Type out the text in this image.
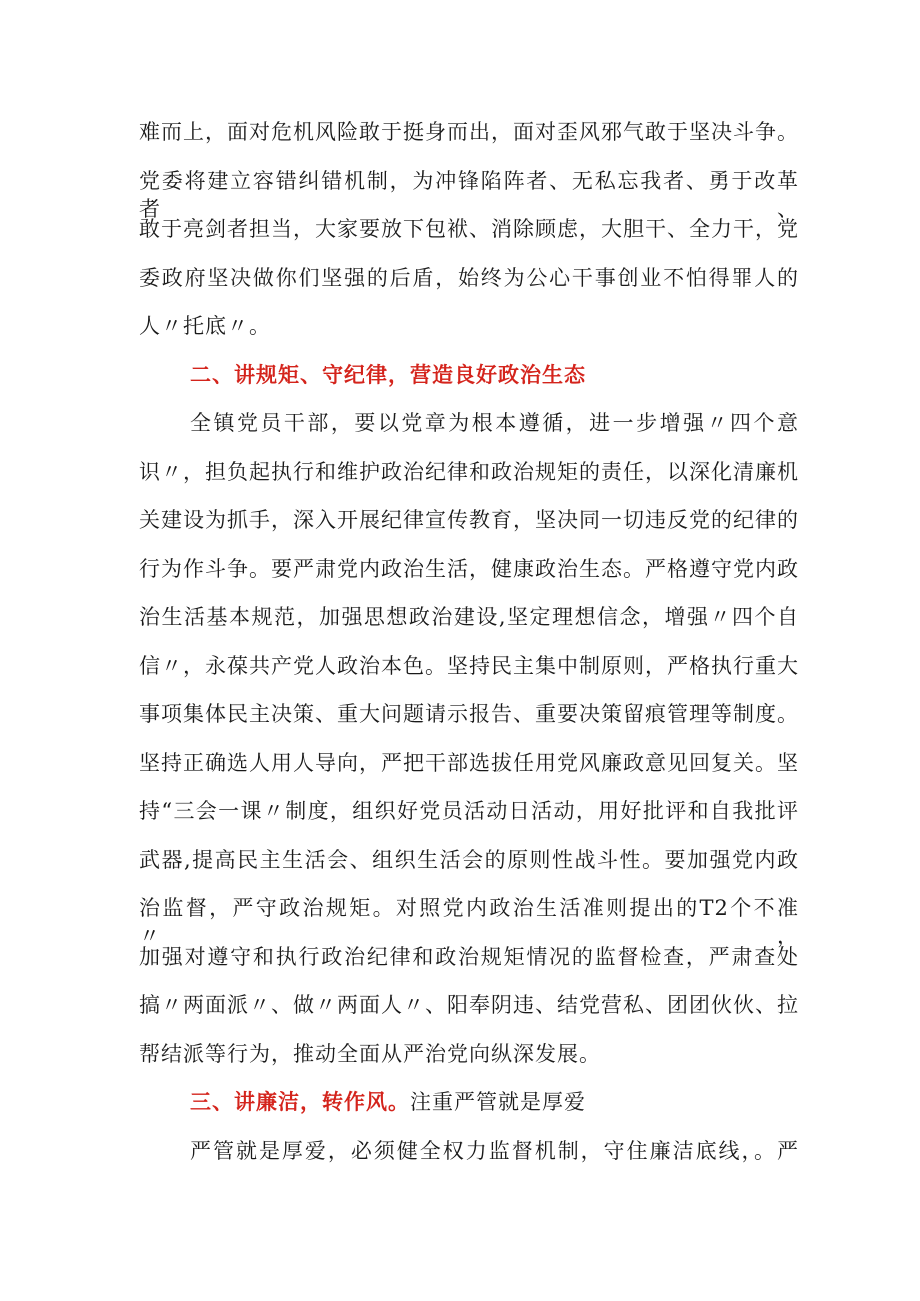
难而上，面对危机风险敢于挺身而出，面对歪风邪气敢于坚决斗争。
党委将建立容错纠错机制，为冲锋陷阵者、无私忘我者、勇于改革者、
敢于亮剑者担当，大家要放下包袱、消除顾虑，大胆干、全力干，党
委政府坚决做你们坚强的后盾，始终为公心干事创业不怕得罪人的
人〃托底〃。
二、讲规矩、守纪律，营造良好政治生态
全镇党员干部，要以党章为根本遵循，进一步增强〃四个意
识〃，担负起执行和维护政治纪律和政治规矩的责任，以深化清廉机
关建设为抓手，深入开展纪律宣传教育，坚决同一切违反党的纪律的
行为作斗争。要严肃党内政治生活，健康政治生态。严格遵守党内政
治生活基本规范，加强思想政治建设,坚定理想信念，增强〃四个自
信〃，永葆共产党人政治本色。坚持民主集中制原则，严格执行重大
事项集体民主决策、重大问题请示报告、重要决策留痕管理等制度。
坚持正确选人用人导向，严把干部选拔任用党风廉政意见回复关。坚
持“三会一课〃制度，组织好党员活动日活动，用好批评和自我批评
武器,提高民主生活会、组织生活会的原则性战斗性。要加强党内政
治监督，严守政治规矩。对照党内政治生活准则提出的T2个不准〃，
加强对遵守和执行政治纪律和政治规矩情况的监督检查，严肃查处
搞〃两面派〃、做〃两面人〃、阳奉阴违、结党营私、团团伙伙、拉
帮结派等行为，推动全面从严治党向纵深发展。
三、讲廉洁，转作风。注重严管就是厚爱
严管就是厚爱，必须健全权力监督机制，守住廉洁底线，。严
